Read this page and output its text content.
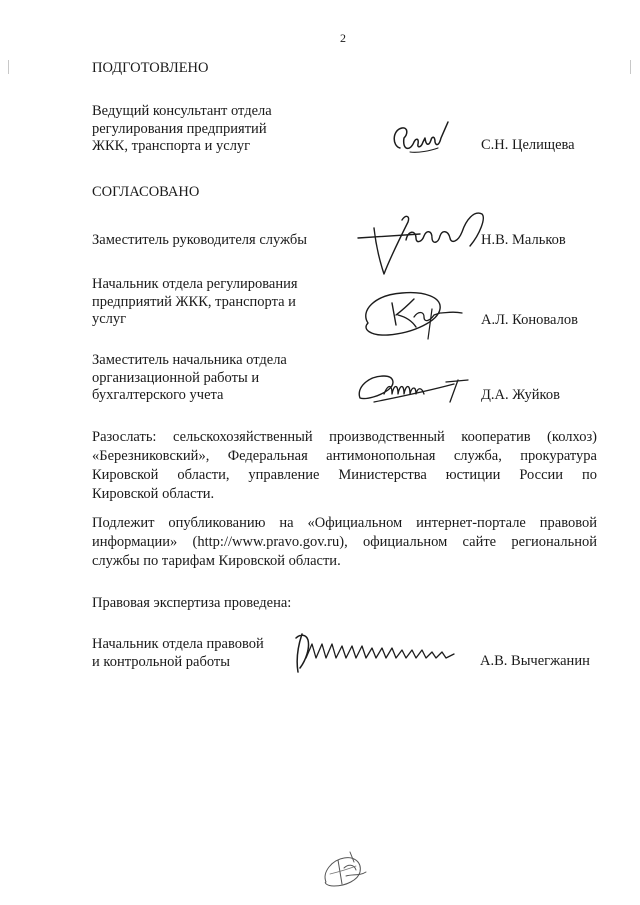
2
ПОДГОТОВЛЕНО
Ведущий консультант отдела
регулирования предприятий
ЖКК, транспорта и услуг	С.Н. Целищева
СОГЛАСОВАНО
Заместитель руководителя службы	Н.В. Мальков
Начальник отдела регулирования
предприятий ЖКК, транспорта и
услуг	А.Л. Коновалов
Заместитель начальника отдела
организационной работы и
бухгалтерского учета	Д.А. Жуйков
Разослать: сельскохозяйственный производственный кооператив (колхоз)
«Березниковский», Федеральная антимонопольная служба, прокуратура
Кировской области, управление Министерства юстиции России по
Кировской области.
Подлежит опубликованию на «Официальном интернет-портале правовой
информации» (http://www.pravo.gov.ru), официальном сайте региональной
службы по тарифам Кировской области.
Правовая экспертиза проведена:
Начальник отдела правовой
и контрольной работы	А.В. Вычегжанин
